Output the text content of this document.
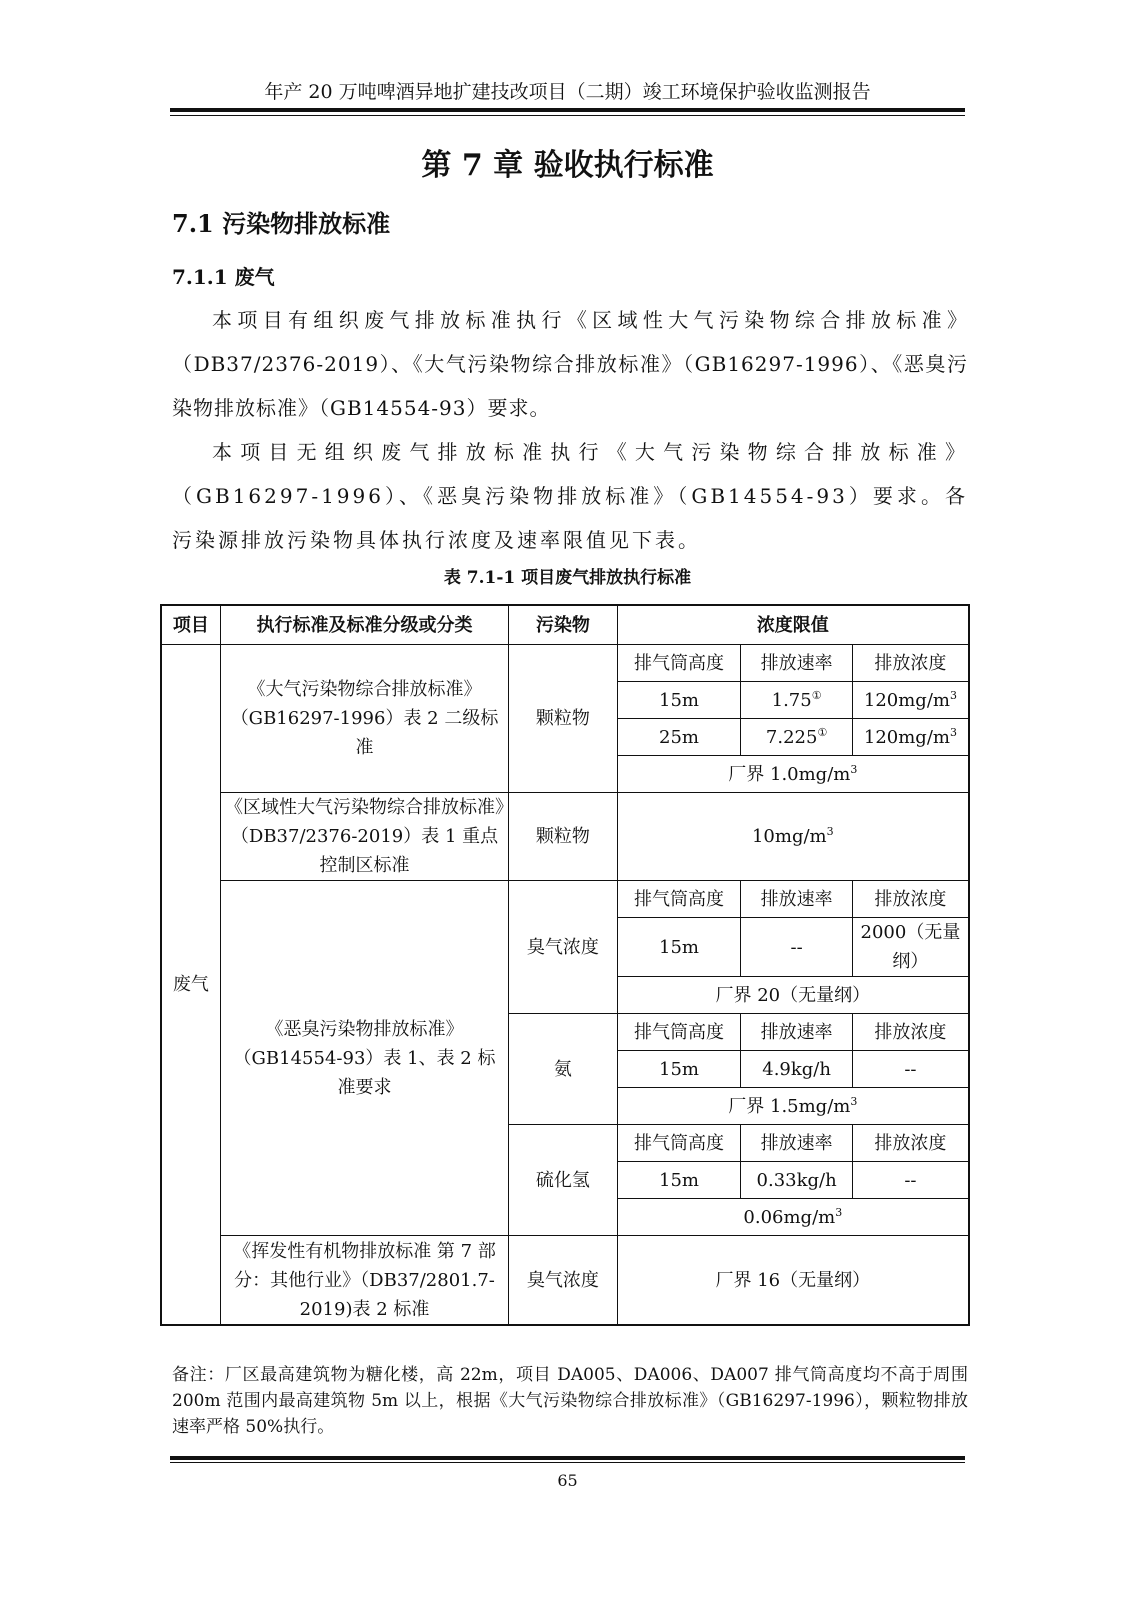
年产 20 万吨啤酒异地扩建技改项目（二期）竣工环境保护验收监测报告
第 7 章 验收执行标准
7.1 污染物排放标准
7.1.1 废气
本项目有组织废气排放标准执行《区域性大气污染物综合排放标准》（DB37/2376-2019）、《大气污染物综合排放标准》（GB16297-1996）、《恶臭污染物排放标准》（GB14554-93）要求。
本项目无组织废气排放标准执行《大气污染物综合排放标准》（GB16297-1996）、《恶臭污染物排放标准》（GB14554-93）要求。各污染源排放污染物具体执行浓度及速率限值见下表。
表 7.1-1 项目废气排放执行标准
项目	执行标准及标准分级或分类	污染物	浓度限值		
废气	《大气污染物综合排放标准》（GB16297-1996）表 2 二级标准	颗粒物	排气筒高度	排放速率	排放浓度
			15m	1.75①	$120mg/m^3$
			25m	7.225①	$120mg/m^3$
			厂界 $1.0mg/m^3$
	《区域性大气污染物综合排放标准》（DB37/2376-2019）表 1 重点控制区标准	颗粒物	$10mg/m^3$
	《恶臭污染物排放标准》（GB14554-93）表 1、表 2 标准要求	臭气浓度	排气筒高度	排放速率	排放浓度
			15m	--	2000（无量纲）
			厂界 20（无量纲）		
		氨	排气筒高度	排放速率	排放浓度
			15m	4.9kg/h	--
			厂界 $1.5mg/m^3$
		硫化氢	排气筒高度	排放速率	排放浓度
			15m	0.33kg/h	--
			$0.06mg/m^3$
	《挥发性有机物排放标准 第 7 部分：其他行业》（DB37/2801.7-2019)表 2 标准	臭气浓度	厂界 16（无量纲）		
备注：厂区最高建筑物为糖化楼，高 22m，项目 DA005、DA006、DA007 排气筒高度均不高于周围 200m 范围内最高建筑物 5m 以上，根据《大气污染物综合排放标准》（GB16297-1996），颗粒物排放速率严格 50%执行。
65
